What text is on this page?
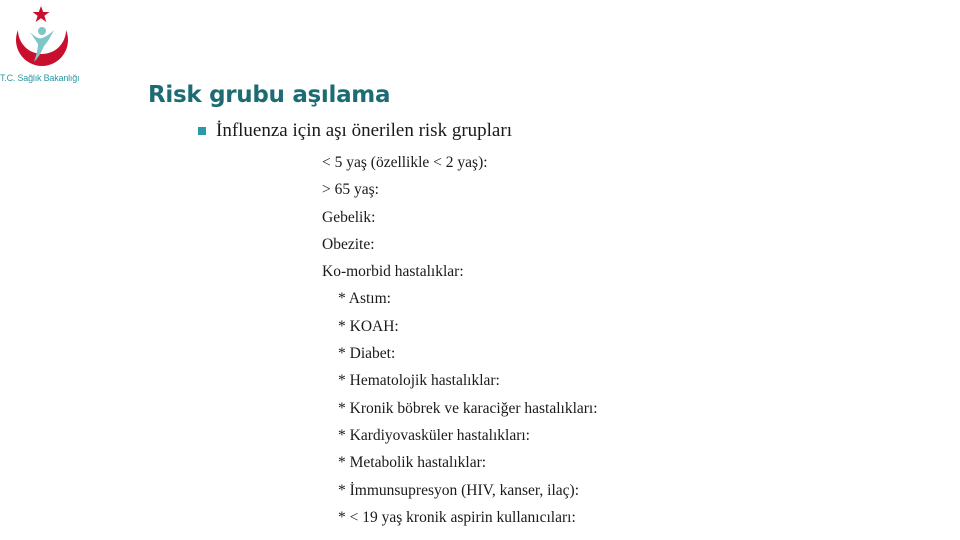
T.C. Sağlık Bakanlığı
Risk grubu aşılama
İnfluenza için aşı önerilen risk grupları
< 5 yaş (özellikle < 2 yaş):
> 65 yaş:
Gebelik:
Obezite:
Ko-morbid hastalıklar:
* Astım:
* KOAH:
* Diabet:
* Hematolojik hastalıklar:
* Kronik böbrek ve karaciğer hastalıkları:
* Kardiyovasküler hastalıkları:
* Metabolik hastalıklar:
* İmmunsupresyon (HIV, kanser, ilaç):
* < 19 yaş kronik aspirin kullanıcıları:
